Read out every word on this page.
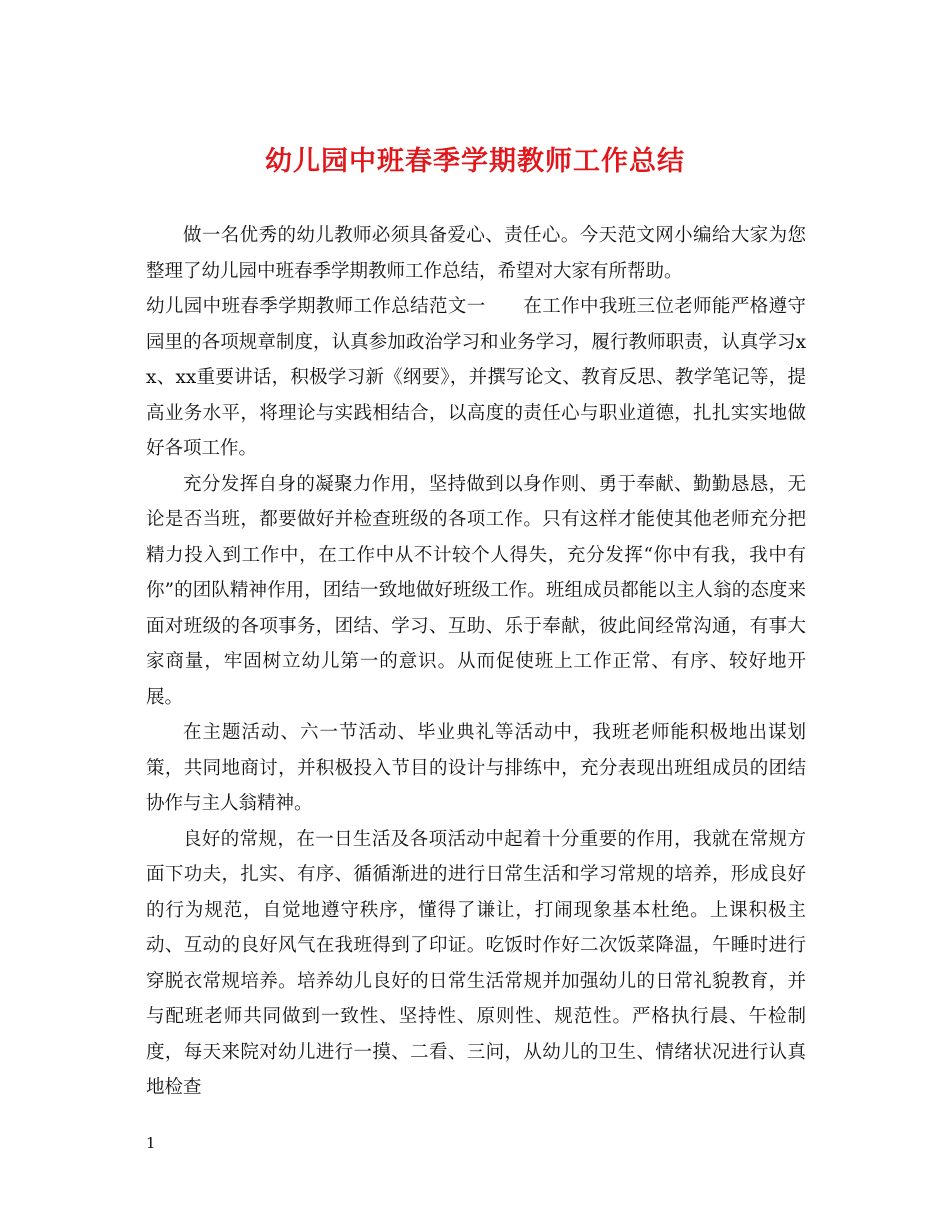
幼儿园中班春季学期教师工作总结

做一名优秀的幼儿教师必须具备爱心、责任心。今天范文网小编给大家为您整理了幼儿园中班春季学期教师工作总结，希望对大家有所帮助。

幼儿园中班春季学期教师工作总结范文一　　在工作中我班三位老师能严格遵守园里的各项规章制度，认真参加政治学习和业务学习，履行教师职责，认真学习xx、xx重要讲话，积极学习新《纲要》，并撰写论文、教育反思、教学笔记等，提高业务水平，将理论与实践相结合，以高度的责任心与职业道德，扎扎实实地做好各项工作。

充分发挥自身的凝聚力作用，坚持做到以身作则、勇于奉献、勤勤恳恳，无论是否当班，都要做好并检查班级的各项工作。只有这样才能使其他老师充分把精力投入到工作中，在工作中从不计较个人得失，充分发挥“你中有我，我中有你”的团队精神作用，团结一致地做好班级工作。班组成员都能以主人翁的态度来面对班级的各项事务，团结、学习、互助、乐于奉献，彼此间经常沟通，有事大家商量，牢固树立幼儿第一的意识。从而促使班上工作正常、有序、较好地开展。

在主题活动、六一节活动、毕业典礼等活动中，我班老师能积极地出谋划策，共同地商讨，并积极投入节目的设计与排练中，充分表现出班组成员的团结协作与主人翁精神。

良好的常规，在一日生活及各项活动中起着十分重要的作用，我就在常规方面下功夫，扎实、有序、循循渐进的进行日常生活和学习常规的培养，形成良好的行为规范，自觉地遵守秩序，懂得了谦让，打闹现象基本杜绝。上课积极主动、互动的良好风气在我班得到了印证。吃饭时作好二次饭菜降温，午睡时进行穿脱衣常规培养。培养幼儿良好的日常生活常规并加强幼儿的日常礼貌教育，并与配班老师共同做到一致性、坚持性、原则性、规范性。严格执行晨、午检制度，每天来院对幼儿进行一摸、二看、三问，从幼儿的卫生、情绪状况进行认真地检查

1
